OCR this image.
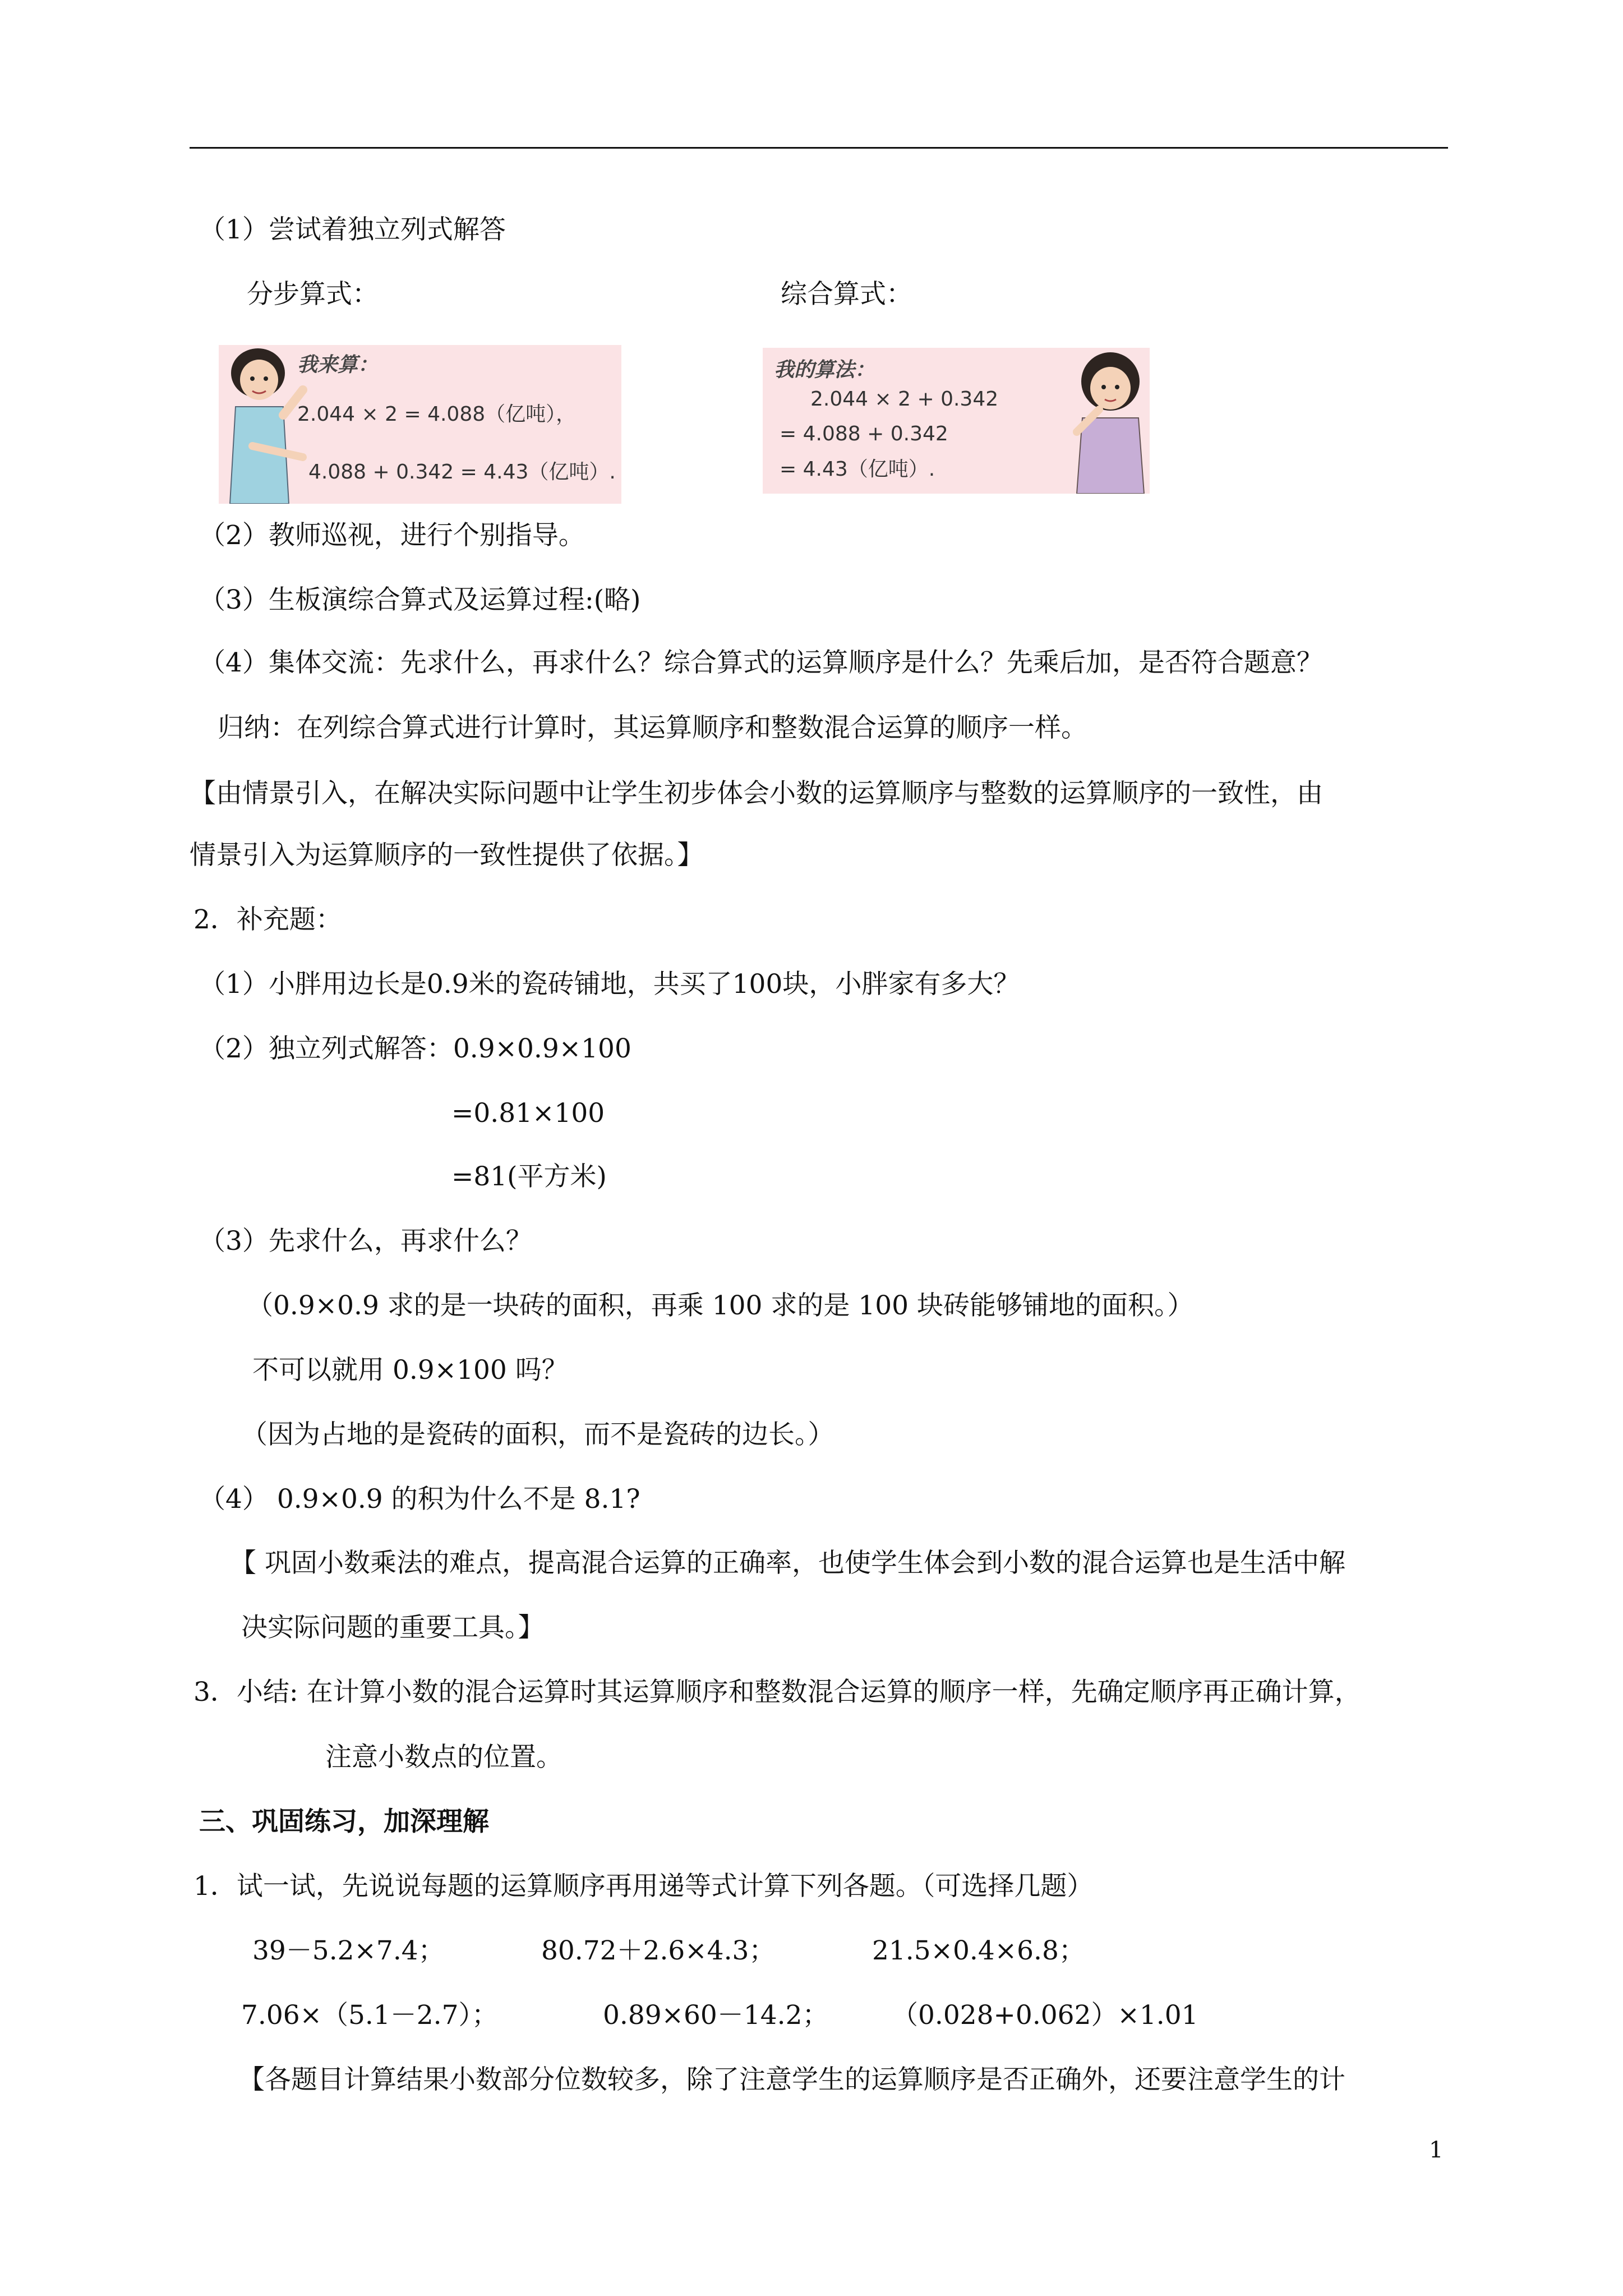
（1）尝试着独立列式解答
分步算式：	综合算式：
我来算：
2.044 × 2 = 4.088（亿吨），
4.088 + 0.342 = 4.43（亿吨）.
我的算法：
2.044 × 2 + 0.342
= 4.088 + 0.342
= 4.43（亿吨）.
（2）教师巡视，进行个别指导。
（3）生板演综合算式及运算过程:(略)
（4）集体交流：先求什么，再求什么？综合算式的运算顺序是什么？先乘后加，是否符合题意？
归纳：在列综合算式进行计算时，其运算顺序和整数混合运算的顺序一样。
【由情景引入，在解决实际问题中让学生初步体会小数的运算顺序与整数的运算顺序的一致性，由
情景引入为运算顺序的一致性提供了依据。】
2．补充题：
（1）小胖用边长是0.9米的瓷砖铺地，共买了100块，小胖家有多大？
（2）独立列式解答：0.9×0.9×100
=0.81×100
=81(平方米)
（3）先求什么，再求什么？
（0.9×0.9 求的是一块砖的面积，再乘 100 求的是 100 块砖能够铺地的面积。）
不可以就用 0.9×100 吗？
（因为占地的是瓷砖的面积，而不是瓷砖的边长。）
（4） 0.9×0.9 的积为什么不是 8.1?
【 巩固小数乘法的难点，提高混合运算的正确率，也使学生体会到小数的混合运算也是生活中解
决实际问题的重要工具。】
3．小结: 在计算小数的混合运算时其运算顺序和整数混合运算的顺序一样，先确定顺序再正确计算，
注意小数点的位置。
三、巩固练习，加深理解
1．试一试，先说说每题的运算顺序再用递等式计算下列各题。（可选择几题）
39－5.2×7.4；	80.72＋2.6×4.3；	21.5×0.4×6.8；
7.06×（5.1－2.7）；	0.89×60－14.2； （0.028+0.062）×1.01
【各题目计算结果小数部分位数较多，除了注意学生的运算顺序是否正确外，还要注意学生的计
1
